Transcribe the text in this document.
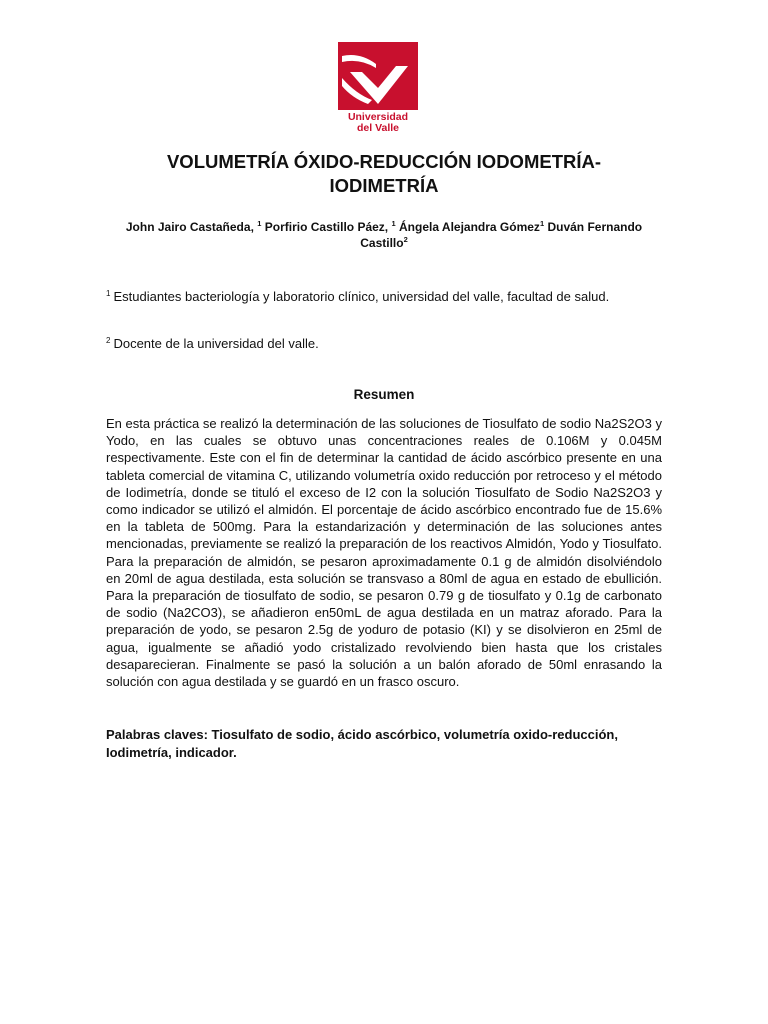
Universidad
del Valle
VOLUMETRÍA ÓXIDO-REDUCCIÓN IODOMETRÍA-IODIMETRÍA
John Jairo Castañeda, $^1$ Porfirio Castillo Páez, $^1$ Ángela Alejandra Gómez$^1$ Duván Fernando Castillo$^2$
$^1$ Estudiantes bacteriología y laboratorio clínico, universidad del valle, facultad de salud.
$^2$ Docente de la universidad del valle.
Resumen

En esta práctica se realizó la determinación de las soluciones de Tiosulfato de sodio Na2S2O3 y Yodo, en las cuales se obtuvo unas concentraciones reales de 0.106M y 0.045M respectivamente. Este con el fin de determinar la cantidad de ácido ascórbico presente en una tableta comercial de vitamina C, utilizando volumetría oxido reducción por retroceso y el método de Iodimetría, donde se tituló el exceso de I2 con la solución Tiosulfato de Sodio Na2S2O3 y como indicador se utilizó el almidón. El porcentaje de ácido ascórbico encontrado fue de 15.6% en la tableta de 500mg. Para la estandarización y determinación de las soluciones antes mencionadas, previamente se realizó la preparación de los reactivos Almidón, Yodo y Tiosulfato. Para la preparación de almidón, se pesaron aproximadamente 0.1 g de almidón disolviéndolo en 20ml de agua destilada, esta solución se transvaso a 80ml de agua en estado de ebullición. Para la preparación de tiosulfato de sodio, se pesaron 0.79 g de tiosulfato y 0.1g de carbonato de sodio (Na2CO3), se añadieron en50mL de agua destilada en un matraz aforado. Para la preparación de yodo, se pesaron 2.5g de yoduro de potasio (KI) y se disolvieron en 25ml de agua, igualmente se añadió yodo cristalizado revolviendo bien hasta que los cristales desaparecieran. Finalmente se pasó la solución a un balón aforado de 50ml enrasando la solución con agua destilada y se guardó en un frasco oscuro.

Palabras claves: Tiosulfato de sodio, ácido ascórbico, volumetría oxido-reducción, Iodimetría, indicador.
